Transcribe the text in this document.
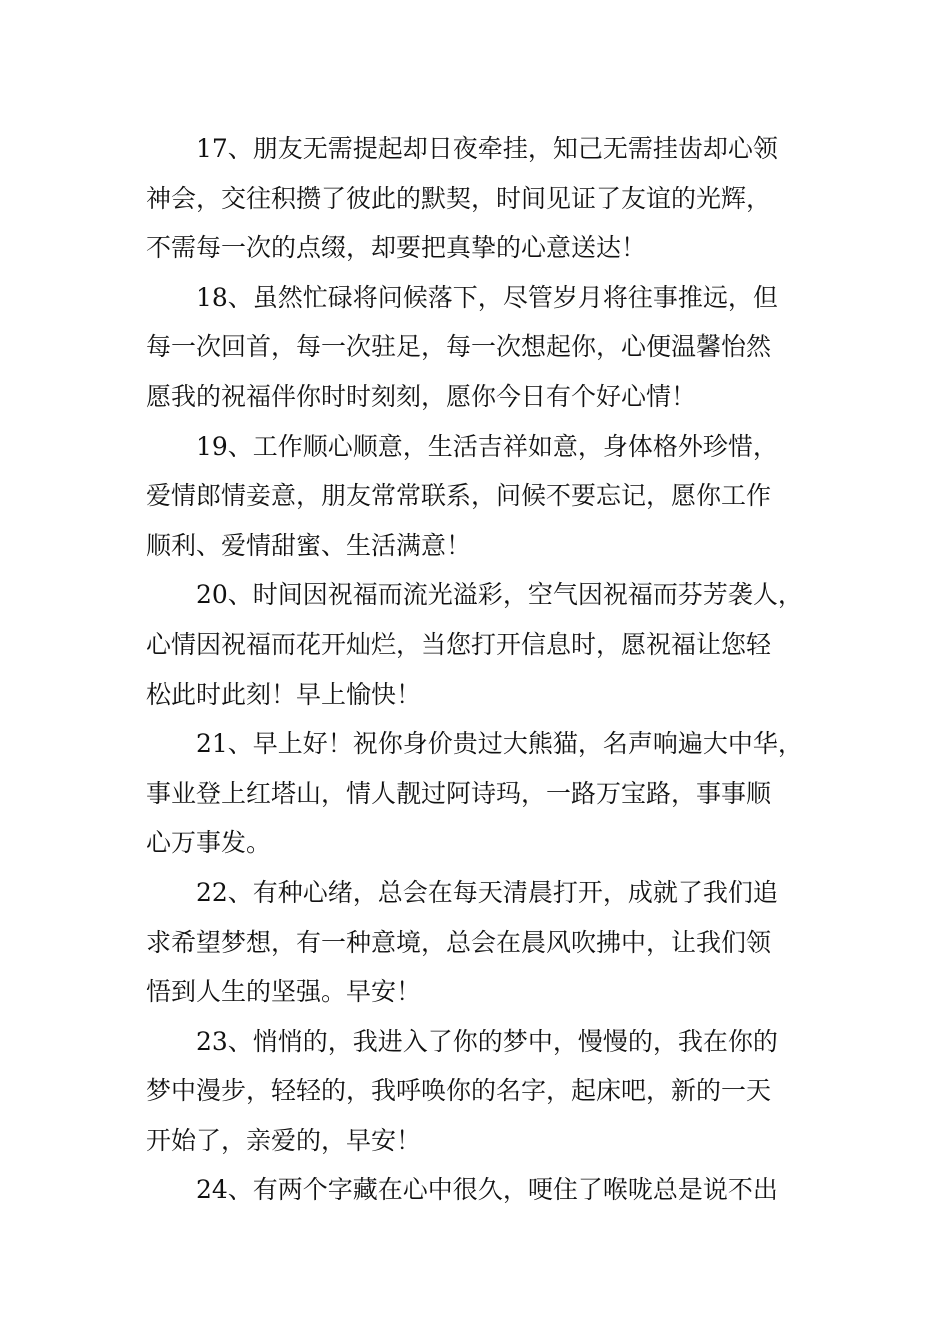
17、朋友无需提起却日夜牵挂，知己无需挂齿却心领
神会，交往积攒了彼此的默契，时间见证了友谊的光辉，
不需每一次的点缀，却要把真挚的心意送达！

18、虽然忙碌将问候落下，尽管岁月将往事推远，但
每一次回首，每一次驻足，每一次想起你，心便温馨怡然
愿我的祝福伴你时时刻刻，愿你今日有个好心情！

19、工作顺心顺意，生活吉祥如意，身体格外珍惜，
爱情郎情妾意，朋友常常联系，问候不要忘记，愿你工作
顺利、爱情甜蜜、生活满意！

20、时间因祝福而流光溢彩，空气因祝福而芬芳袭人，
心情因祝福而花开灿烂，当您打开信息时，愿祝福让您轻
松此时此刻！早上愉快！

21、早上好！祝你身价贵过大熊猫，名声响遍大中华，
事业登上红塔山，情人靓过阿诗玛，一路万宝路，事事顺
心万事发。

22、有种心绪，总会在每天清晨打开，成就了我们追
求希望梦想，有一种意境，总会在晨风吹拂中，让我们领
悟到人生的坚强。早安！

23、悄悄的，我进入了你的梦中，慢慢的，我在你的
梦中漫步，轻轻的，我呼唤你的名字，起床吧，新的一天
开始了，亲爱的，早安！

24、有两个字藏在心中很久，哽住了喉咙总是说不出
